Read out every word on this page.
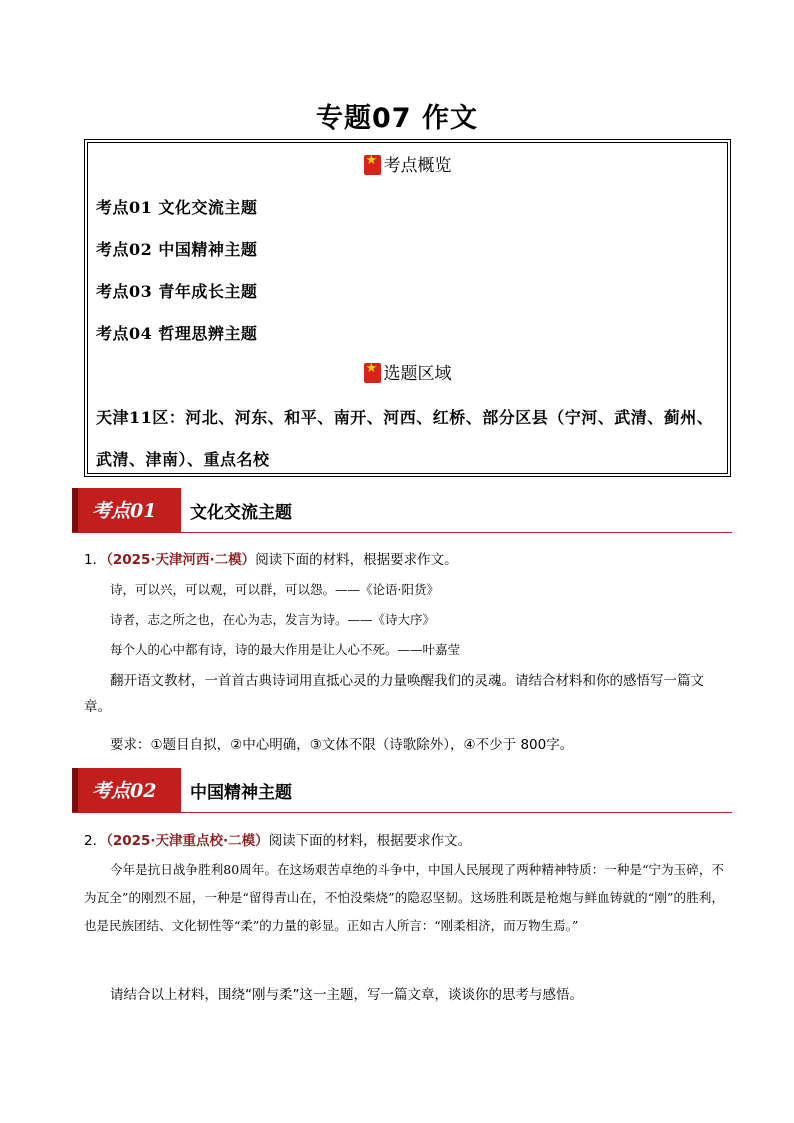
专题07 作文
★考点概览
考点01 文化交流主题
考点02 中国精神主题
考点03 青年成长主题
考点04 哲理思辨主题
★选题区域
天津11区：河北、河东、和平、南开、河西、红桥、部分区县（宁河、武清、蓟州、武清、津南）、重点名校
考点01 文化交流主题
1．（2025·天津河西·二模）阅读下面的材料，根据要求作文。
诗，可以兴，可以观，可以群，可以怨。——《论语·阳货》
诗者，志之所之也，在心为志，发言为诗。——《诗大序》
每个人的心中都有诗，诗的最大作用是让人心不死。——叶嘉莹
翻开语文教材，一首首古典诗词用直抵心灵的力量唤醒我们的灵魂。请结合材料和你的感悟写一篇文章。
要求：①题目自拟，②中心明确，③文体不限（诗歌除外），④不少于 800字。
考点02 中国精神主题
2．（2025·天津重点校·二模）阅读下面的材料，根据要求作文。
今年是抗日战争胜利80周年。在这场艰苦卓绝的斗争中，中国人民展现了两种精神特质：一种是“宁为玉碎，不为瓦全”的刚烈不屈，一种是“留得青山在，不怕没柴烧”的隐忍坚韧。这场胜利既是枪炮与鲜血铸就的“刚”的胜利，也是民族团结、文化韧性等“柔”的力量的彰显。正如古人所言：“刚柔相济，而万物生焉。”
请结合以上材料，围绕“刚与柔”这一主题，写一篇文章，谈谈你的思考与感悟。
